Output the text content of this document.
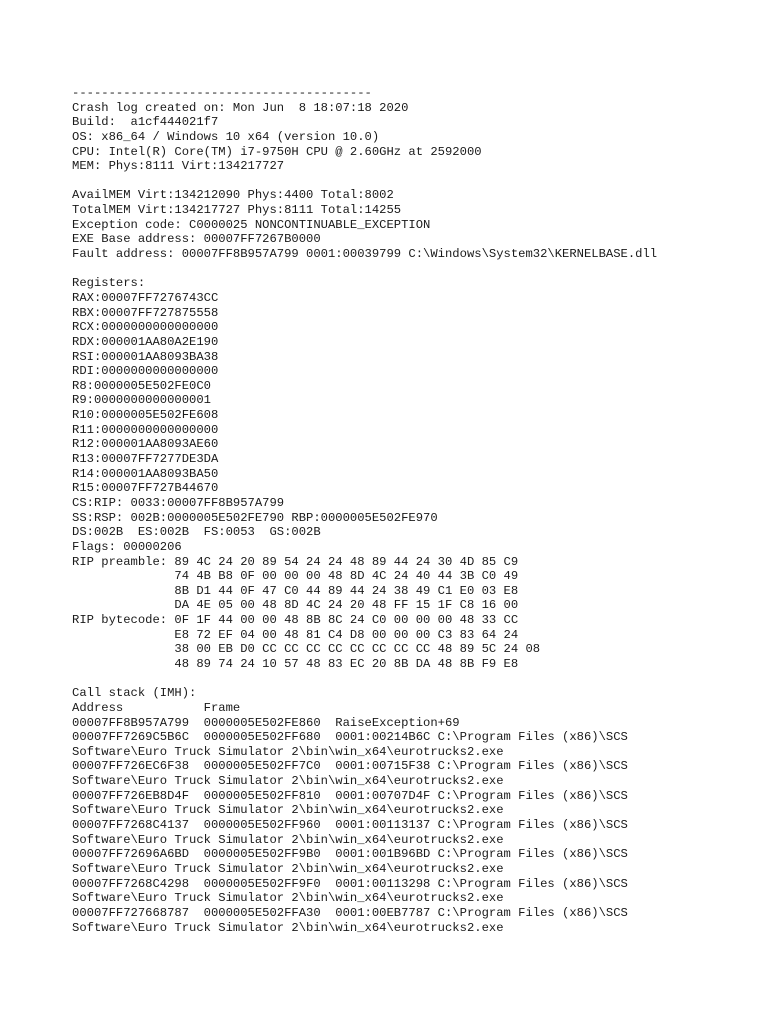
-----------------------------------------
Crash log created on: Mon Jun  8 18:07:18 2020
Build:  a1cf444021f7
OS: x86_64 / Windows 10 x64 (version 10.0)
CPU: Intel(R) Core(TM) i7-9750H CPU @ 2.60GHz at 2592000
MEM: Phys:8111 Virt:134217727
AvailMEM Virt:134212090 Phys:4400 Total:8002
TotalMEM Virt:134217727 Phys:8111 Total:14255
Exception code: C0000025 NONCONTINUABLE_EXCEPTION
EXE Base address: 00007FF7267B0000
Fault address: 00007FF8B957A799 0001:00039799 C:\Windows\System32\KERNELBASE.dll
Registers:
RAX:00007FF7276743CC
RBX:00007FF727875558
RCX:0000000000000000
RDX:000001AA80A2E190
RSI:000001AA8093BA38
RDI:0000000000000000
R8:0000005E502FE0C0
R9:0000000000000001
R10:0000005E502FE608
R11:0000000000000000
R12:000001AA8093AE60
R13:00007FF7277DE3DA
R14:000001AA8093BA50
R15:00007FF727B44670
CS:RIP: 0033:00007FF8B957A799
SS:RSP: 002B:0000005E502FE790 RBP:0000005E502FE970
DS:002B  ES:002B  FS:0053  GS:002B
Flags: 00000206
RIP preamble: 89 4C 24 20 89 54 24 24 48 89 44 24 30 4D 85 C9
74 4B B8 0F 00 00 00 48 8D 4C 24 40 44 3B C0 49
8B D1 44 0F 47 C0 44 89 44 24 38 49 C1 E0 03 E8
DA 4E 05 00 48 8D 4C 24 20 48 FF 15 1F C8 16 00
RIP bytecode: 0F 1F 44 00 00 48 8B 8C 24 C0 00 00 00 48 33 CC
E8 72 EF 04 00 48 81 C4 D8 00 00 00 C3 83 64 24
38 00 EB D0 CC CC CC CC CC CC CC CC 48 89 5C 24 08
48 89 74 24 10 57 48 83 EC 20 8B DA 48 8B F9 E8
Call stack (IMH):
Address           Frame
00007FF8B957A799  0000005E502FE860  RaiseException+69
00007FF7269C5B6C  0000005E502FF680  0001:00214B6C C:\Program Files (x86)\SCS
Software\Euro Truck Simulator 2\bin\win_x64\eurotrucks2.exe
00007FF726EC6F38  0000005E502FF7C0  0001:00715F38 C:\Program Files (x86)\SCS
Software\Euro Truck Simulator 2\bin\win_x64\eurotrucks2.exe
00007FF726EB8D4F  0000005E502FF810  0001:00707D4F C:\Program Files (x86)\SCS
Software\Euro Truck Simulator 2\bin\win_x64\eurotrucks2.exe
00007FF7268C4137  0000005E502FF960  0001:00113137 C:\Program Files (x86)\SCS
Software\Euro Truck Simulator 2\bin\win_x64\eurotrucks2.exe
00007FF72696A6BD  0000005E502FF9B0  0001:001B96BD C:\Program Files (x86)\SCS
Software\Euro Truck Simulator 2\bin\win_x64\eurotrucks2.exe
00007FF7268C4298  0000005E502FF9F0  0001:00113298 C:\Program Files (x86)\SCS
Software\Euro Truck Simulator 2\bin\win_x64\eurotrucks2.exe
00007FF727668787  0000005E502FFA30  0001:00EB7787 C:\Program Files (x86)\SCS
Software\Euro Truck Simulator 2\bin\win_x64\eurotrucks2.exe
